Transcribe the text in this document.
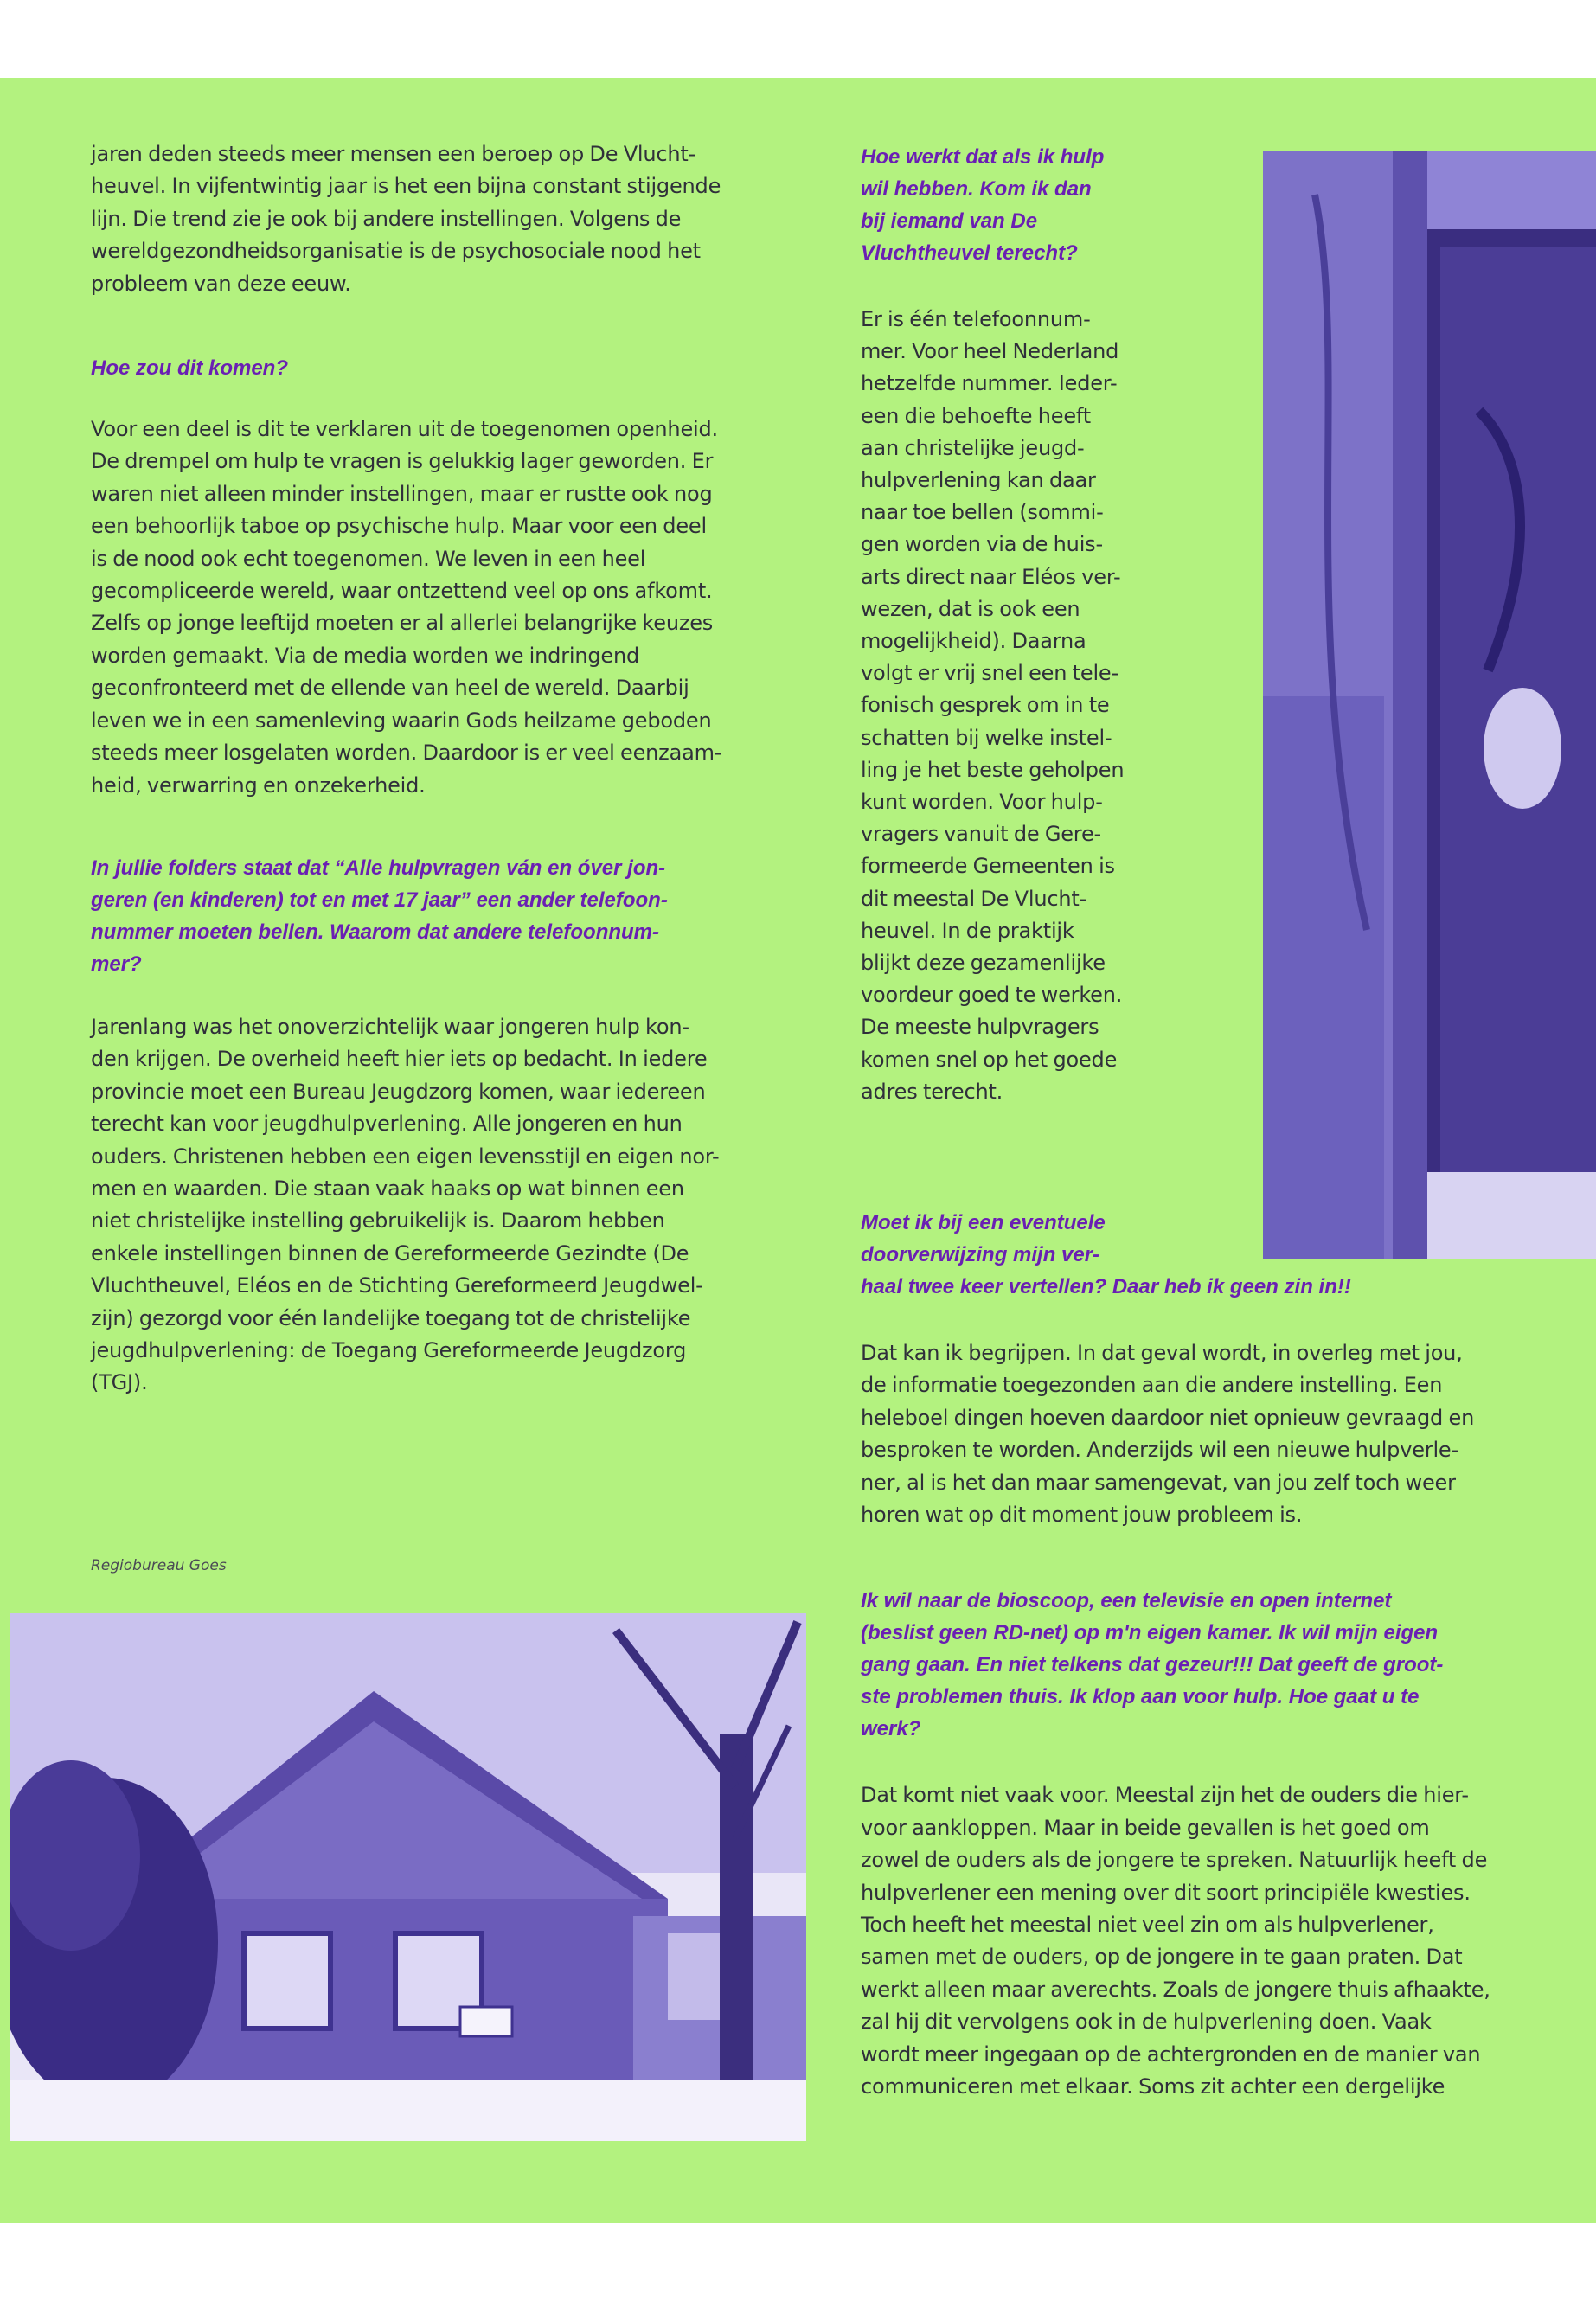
jaren deden steeds meer mensen een beroep op De Vlucht-
heuvel. In vijfentwintig jaar is het een bijna constant stijgende
lijn. Die trend zie je ook bij andere instellingen. Volgens de
wereldgezondheidsorganisatie is de psychosociale nood het
probleem van deze eeuw.

Hoe zou dit komen?

Voor een deel is dit te verklaren uit de toegenomen openheid.
De drempel om hulp te vragen is gelukkig lager geworden. Er
waren niet alleen minder instellingen, maar er rustte ook nog
een behoorlijk taboe op psychische hulp. Maar voor een deel
is de nood ook echt toegenomen. We leven in een heel
gecompliceerde wereld, waar ontzettend veel op ons afkomt.
Zelfs op jonge leeftijd moeten er al allerlei belangrijke keuzes
worden gemaakt. Via de media worden we indringend
geconfronteerd met de ellende van heel de wereld. Daarbij
leven we in een samenleving waarin Gods heilzame geboden
steeds meer losgelaten worden. Daardoor is er veel eenzaam-
heid, verwarring en onzekerheid.

In jullie folders staat dat “Alle hulpvragen ván en óver jon-
geren (en kinderen) tot en met 17 jaar” een ander telefoon-
nummer moeten bellen. Waarom dat andere telefoonnum-
mer?

Jarenlang was het onoverzichtelijk waar jongeren hulp kon-
den krijgen. De overheid heeft hier iets op bedacht. In iedere
provincie moet een Bureau Jeugdzorg komen, waar iedereen
terecht kan voor jeugdhulpverlening. Alle jongeren en hun
ouders. Christenen hebben een eigen levensstijl en eigen nor-
men en waarden. Die staan vaak haaks op wat binnen een
niet christelijke instelling gebruikelijk is. Daarom hebben
enkele instellingen binnen de Gereformeerde Gezindte (De
Vluchtheuvel, Eléos en de Stichting Gereformeerd Jeugdwel-
zijn) gezorgd voor één landelijke toegang tot de christelijke
jeugdhulpverlening: de Toegang Gereformeerde Jeugdzorg
(TGJ).

Regiobureau Goes

Hoe werkt dat als ik hulp
wil hebben. Kom ik dan
bij iemand van De
Vluchtheuvel terecht?

Er is één telefoonnum-
mer. Voor heel Nederland
hetzelfde nummer. Ieder-
een die behoefte heeft
aan christelijke jeugd-
hulpverlening kan daar
naar toe bellen (sommi-
gen worden via de huis-
arts direct naar Eléos ver-
wezen, dat is ook een
mogelijkheid). Daarna
volgt er vrij snel een tele-
fonisch gesprek om in te
schatten bij welke instel-
ling je het beste geholpen
kunt worden. Voor hulp-
vragers vanuit de Gere-
formeerde Gemeenten is
dit meestal De Vlucht-
heuvel. In de praktijk
blijkt deze gezamenlijke
voordeur goed te werken.
De meeste hulpvragers
komen snel op het goede
adres terecht.

Moet ik bij een eventuele
doorverwijzing mijn ver-
haal twee keer vertellen? Daar heb ik geen zin in!!

Dat kan ik begrijpen. In dat geval wordt, in overleg met jou,
de informatie toegezonden aan die andere instelling. Een
heleboel dingen hoeven daardoor niet opnieuw gevraagd en
besproken te worden. Anderzijds wil een nieuwe hulpverle-
ner, al is het dan maar samengevat, van jou zelf toch weer
horen wat op dit moment jouw probleem is.

Ik wil naar de bioscoop, een televisie en open internet
(beslist geen RD-net) op m'n eigen kamer. Ik wil mijn eigen
gang gaan. En niet telkens dat gezeur!!! Dat geeft de groot-
ste problemen thuis. Ik klop aan voor hulp. Hoe gaat u te
werk?

Dat komt niet vaak voor. Meestal zijn het de ouders die hier-
voor aankloppen. Maar in beide gevallen is het goed om
zowel de ouders als de jongere te spreken. Natuurlijk heeft de
hulpverlener een mening over dit soort principiële kwesties.
Toch heeft het meestal niet veel zin om als hulpverlener,
samen met de ouders, op de jongere in te gaan praten. Dat
werkt alleen maar averechts. Zoals de jongere thuis afhaakte,
zal hij dit vervolgens ook in de hulpverlening doen. Vaak
wordt meer ingegaan op de achtergronden en de manier van
communiceren met elkaar. Soms zit achter een dergelijke
